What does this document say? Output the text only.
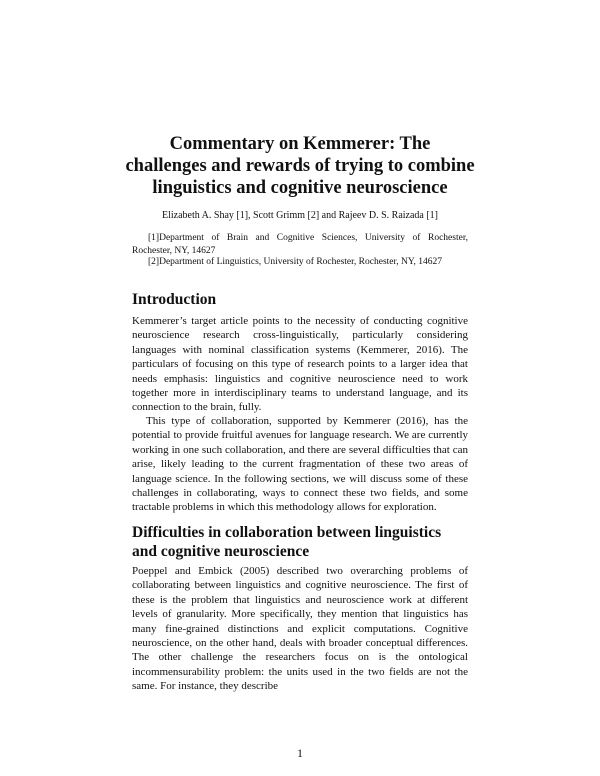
Commentary on Kemmerer: The
challenges and rewards of trying to combine
linguistics and cognitive neuroscience
Elizabeth A. Shay [1], Scott Grimm [2] and Rajeev D. S. Raizada [1]
[1]Department of Brain and Cognitive Sciences, University of Rochester, Rochester, NY, 14627
[2]Department of Linguistics, University of Rochester, Rochester, NY, 14627
Introduction

Kemmerer’s target article points to the necessity of conducting cognitive neuroscience research cross-linguistically, particularly considering languages with nominal classification systems (Kemmerer, 2016). The particulars of focusing on this type of research points to a larger idea that needs emphasis: linguistics and cognitive neuroscience need to work together more in interdisciplinary teams to understand language, and its connection to the brain, fully.

This type of collaboration, supported by Kemmerer (2016), has the potential to provide fruitful avenues for language research. We are currently working in one such collaboration, and there are several difficulties that can arise, likely leading to the current fragmentation of these two areas of language science. In the following sections, we will discuss some of these challenges in collaborating, ways to connect these two fields, and some tractable problems in which this methodology allows for exploration.

Difficulties in collaboration between linguistics
and cognitive neuroscience

Poeppel and Embick (2005) described two overarching problems of collaborating between linguistics and cognitive neuroscience. The first of these is the problem that linguistics and neuroscience work at different levels of granularity. More specifically, they mention that linguistics has many fine-grained distinctions and explicit computations. Cognitive neuroscience, on the other hand, deals with broader conceptual differences. The other challenge the researchers focus on is the ontological incommensurability problem: the units used in the two fields are not the same. For instance, they describe

1
